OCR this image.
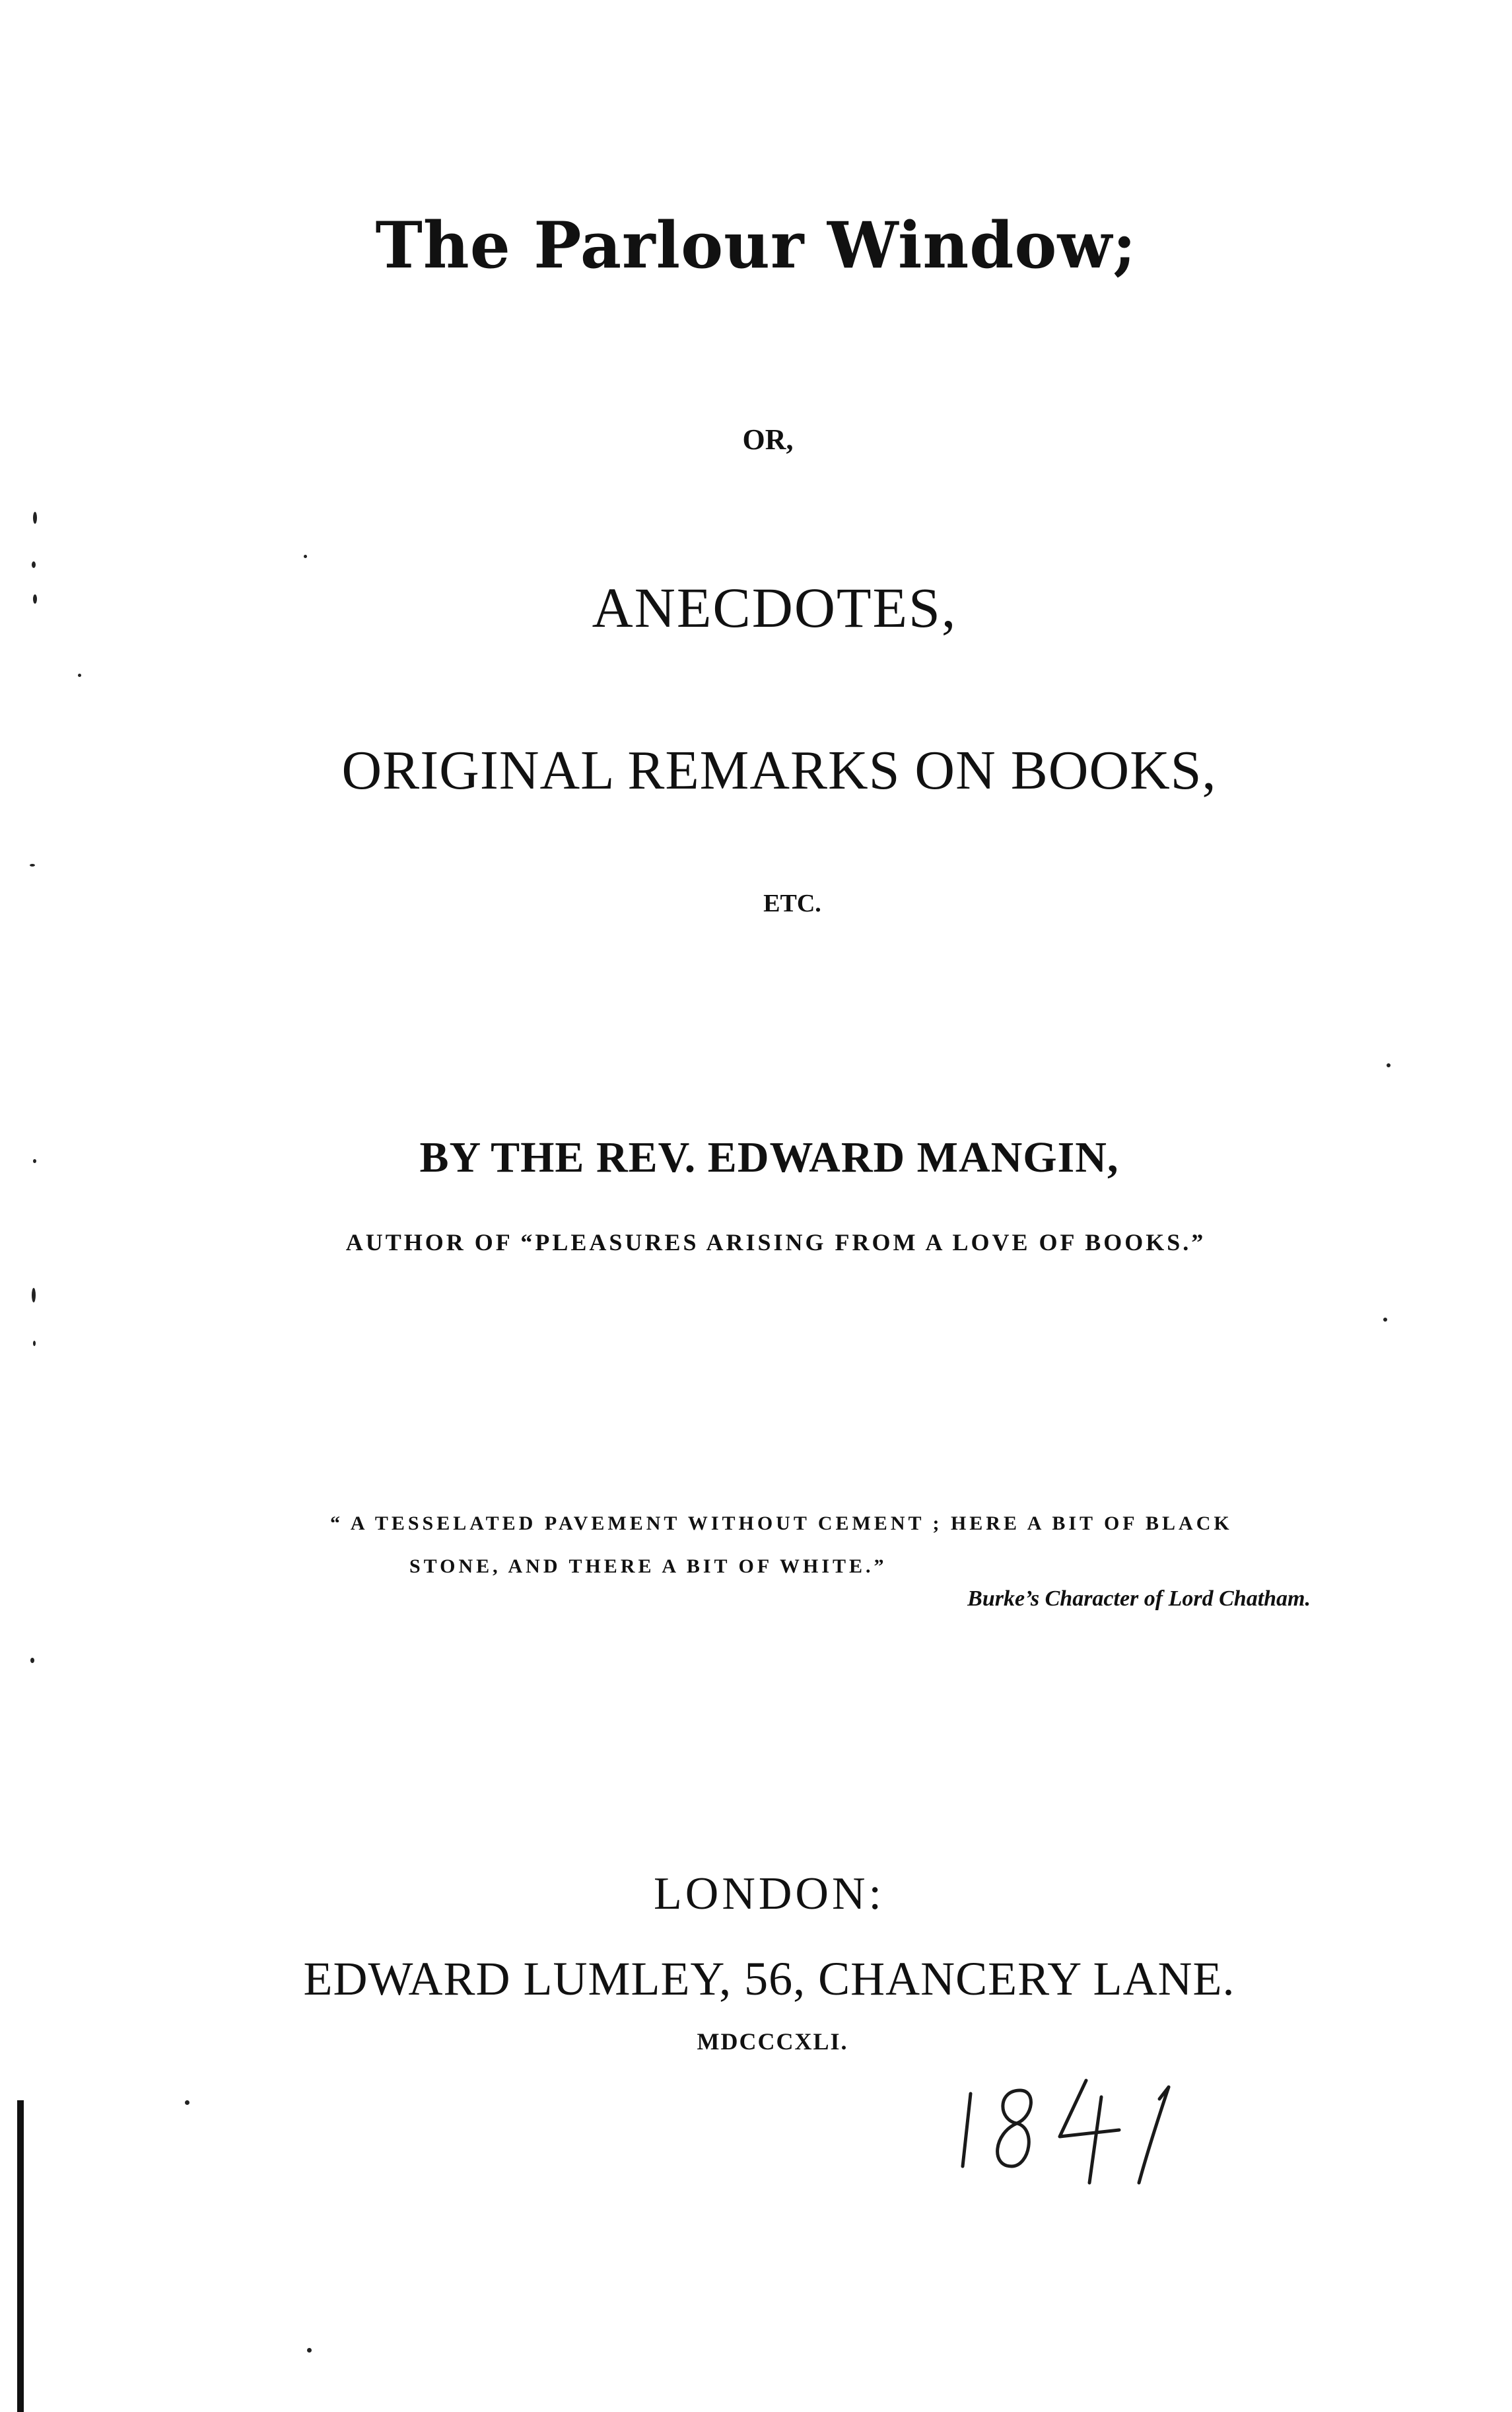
The Parlour Window;
OR,
ANECDOTES,
ORIGINAL REMARKS ON BOOKS,
ETC.
BY THE REV. EDWARD MANGIN,
AUTHOR OF “PLEASURES ARISING FROM A LOVE OF BOOKS.”
“ A TESSELATED PAVEMENT WITHOUT CEMENT ; HERE A BIT OF BLACK
STONE, AND THERE A BIT OF WHITE.”
Burke’s Character of Lord Chatham.
LONDON:
EDWARD LUMLEY, 56, CHANCERY LANE.
MDCCCXLI.
